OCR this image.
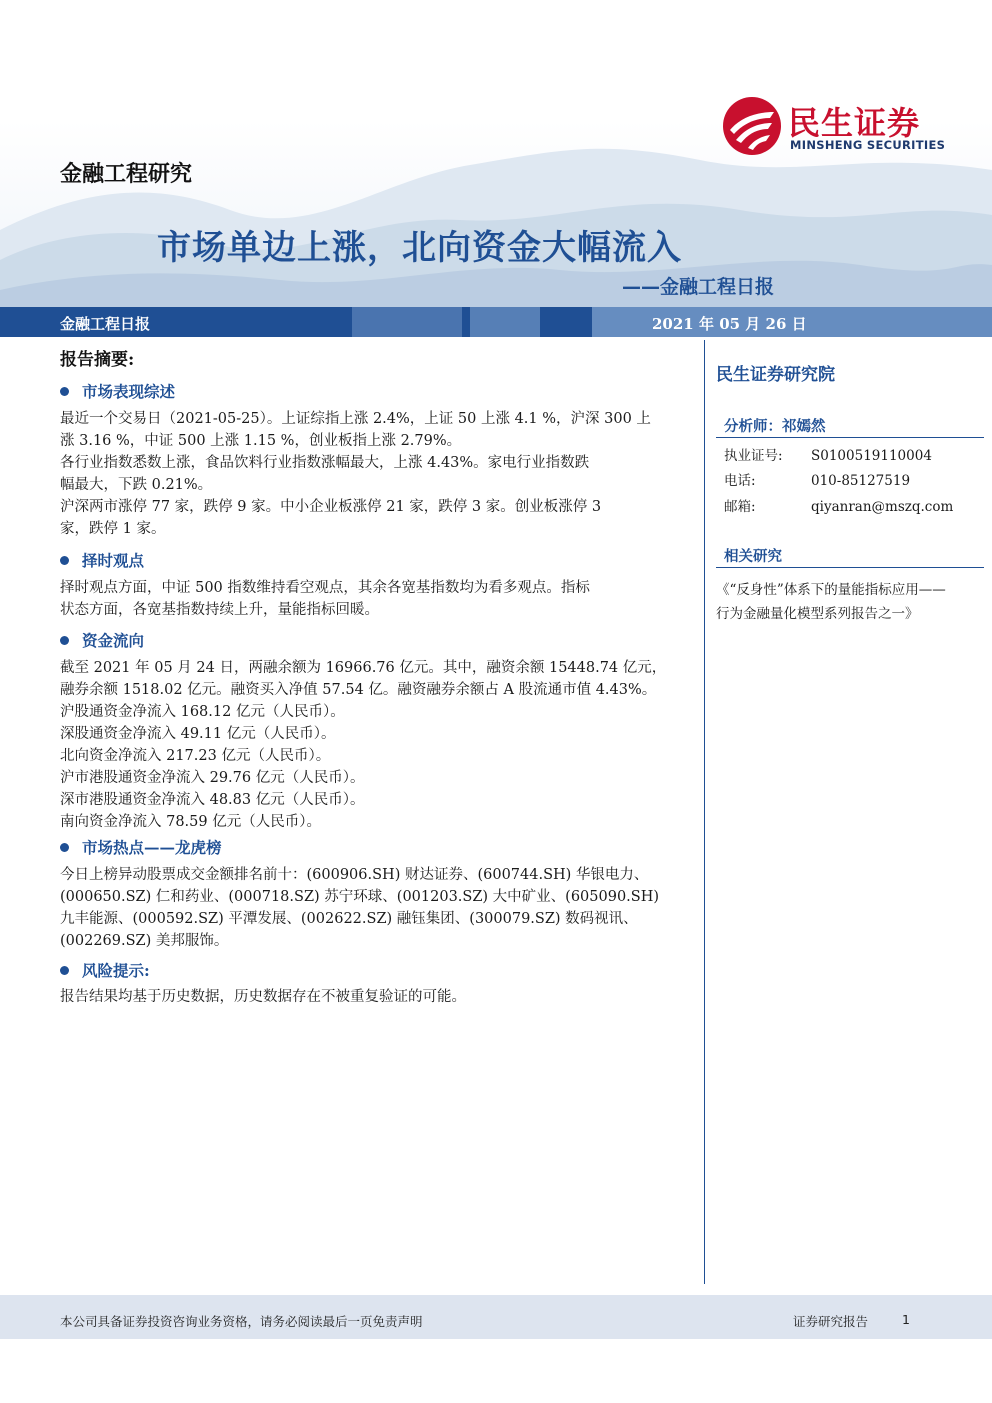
民生证券
MINSHENG SECURITIES
金融工程研究
市场单边上涨，北向资金大幅流入
——金融工程日报
金融工程日报	2021 年 05 月 26 日
报告摘要:
市场表现综述

最近一个交易日（2021-05-25）。上证综指上涨 2.4%，上证 50 上涨 4.1 %，沪深 300 上

涨 3.16 %，中证 500 上涨 1.15 %，创业板指上涨 2.79%。

各行业指数悉数上涨，食品饮料行业指数涨幅最大，上涨 4.43%。家电行业指数跌

幅最大，下跌 0.21%。

沪深两市涨停 77 家，跌停 9 家。中小企业板涨停 21 家，跌停 3 家。创业板涨停 3

家，跌停 1 家。

择时观点

择时观点方面，中证 500 指数维持看空观点，其余各宽基指数均为看多观点。指标

状态方面，各宽基指数持续上升，量能指标回暖。

资金流向

截至 2021 年 05 月 24 日，两融余额为 16966.76 亿元。其中，融资余额 15448.74 亿元，

融券余额 1518.02 亿元。融资买入净值 57.54 亿。融资融券余额占 A 股流通市值 4.43%。

沪股通资金净流入 168.12 亿元（人民币）。

深股通资金净流入 49.11 亿元（人民币）。

北向资金净流入 217.23 亿元（人民币）。

沪市港股通资金净流入 29.76 亿元（人民币）。

深市港股通资金净流入 48.83 亿元（人民币）。

南向资金净流入 78.59 亿元（人民币）。

市场热点——龙虎榜

今日上榜异动股票成交金额排名前十：(600906.SH) 财达证券、(600744.SH) 华银电力、

(000650.SZ) 仁和药业、(000718.SZ) 苏宁环球、(001203.SZ) 大中矿业、(605090.SH)

九丰能源、(000592.SZ) 平潭发展、(002622.SZ) 融钰集团、(300079.SZ) 数码视讯、

(002269.SZ) 美邦服饰。

风险提示:

报告结果均基于历史数据，历史数据存在不被重复验证的可能。

民生证券研究院
分析师：祁嫣然
执业证号: S0100519110004
电话:	010-85127519
邮箱:	qiyanran@mszq.com
相关研究
《“反身性”体系下的量能指标应用——
行为金融量化模型系列报告之一》
本公司具备证券投资咨询业务资格，请务必阅读最后一页免责声明	证券研究报告	1
